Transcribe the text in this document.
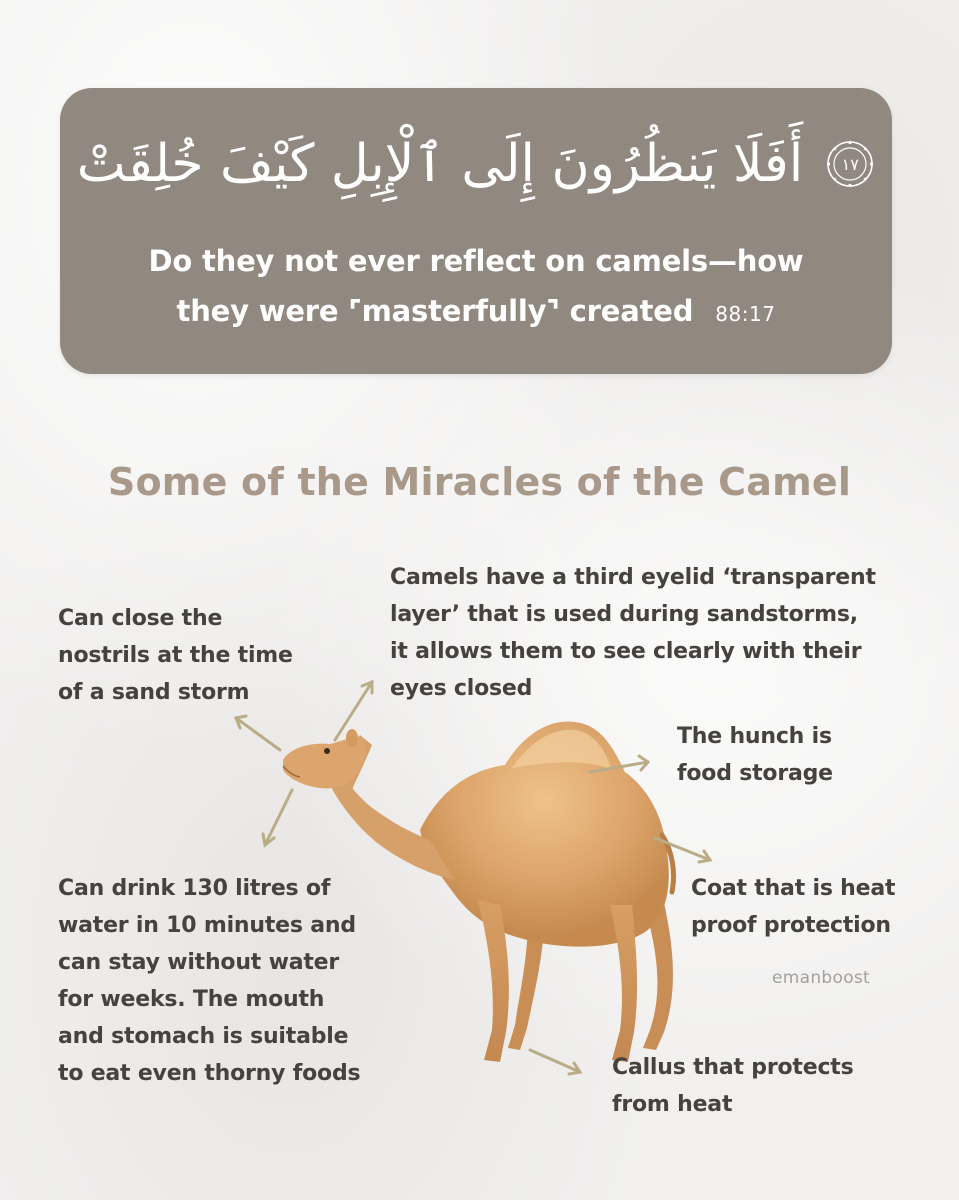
أَفَلَا يَنظُرُونَ إِلَى ٱلْإِبِلِ كَيْفَ خُلِقَتْ	١٧
Do they not ever reflect on camels—how
they were ⌜masterfully⌝ created 88:17
Some of the Miracles of the Camel
Can close the
nostrils at the time
of a sand storm
Camels have a third eyelid ‘transparent
layer’ that is used during sandstorms,
it allows them to see clearly with their
eyes closed
The hunch is
food storage
Can drink 130 litres of
water in 10 minutes and
can stay without water
for weeks. The mouth
and stomach is suitable
to eat even thorny foods
Coat that is heat
proof protection
Callus that protects
from heat
emanboost
